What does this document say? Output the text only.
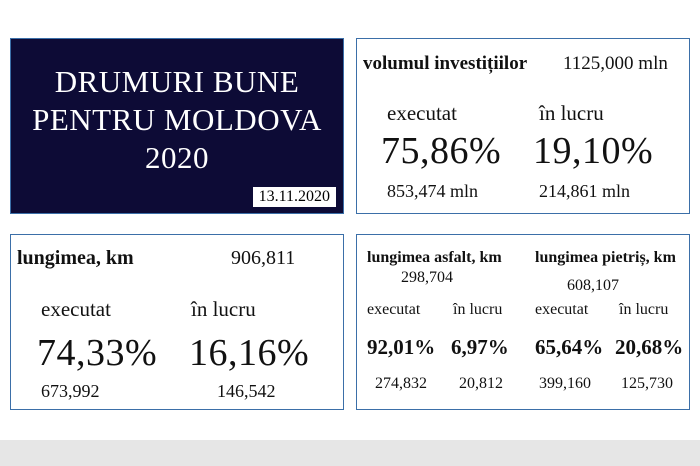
DRUMURI BUNE
PENTRU MOLDOVA
2020
13.11.2020
volumul investițiilor 1125,000 mln
executat	în lucru
75,86% 19,10%
853,474 mln	214,861 mln
lungimea, km	906,811
executat	în lucru
74,33% 16,16%
673,992	146,542
lungimea asfalt, km
298,704
executat în lucru
92,01% 6,97%
274,832 20,812
lungimea pietriș, km
608,107
executat în lucru
65,64% 20,68%
399,160 125,730
